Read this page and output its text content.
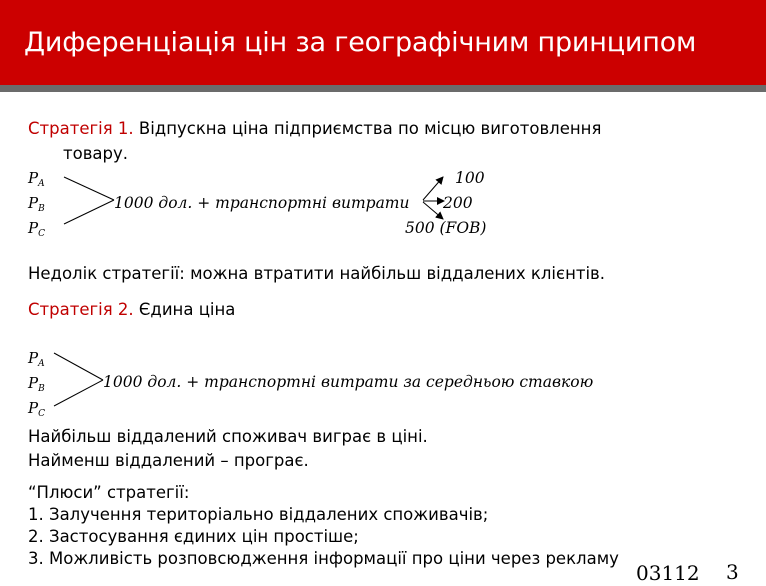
Диференціація цін за географічним принципом
Стратегія 1. Відпускна ціна підприємства по місцю виготовлення
товару.
$P_A$
$P_B$
$P_C$
1000 дол. + транспортні витрати
100
200
500 (FOB)
Недолік стратегії: можна втратити найбільш віддалених клієнтів.
Стратегія 2. Єдина ціна
$P_A$
$P_B$
$P_C$
1000 дол. + транспортні витрати за середньою ставкою
Найбільш віддалений споживач виграє в ціні.
Найменш віддалений – програє.
“Плюси” стратегії:
1. Залучення територіально віддалених споживачів;
2. Застосування єдиних цін простіше;
3. Можливість розповсюдження інформації про ціни через рекламу
03112 3
